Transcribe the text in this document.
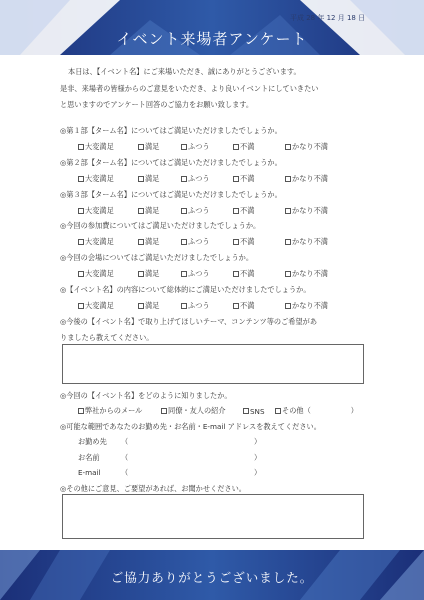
平成 28 年 12 月 18 日
イベント来場者アンケート
本日は、【イベント名】にご来場いただき、誠にありがとうございます。
是非、来場者の皆様からのご意見をいただき、より良いイベントにしていきたい
と思いますのでアンケート回答のご協力をお願い致します。
◎第１部【ターム名】についてはご満足いただけましたでしょうか。
大変満足	満足	ふつう	不満	かなり不満
◎第２部【ターム名】についてはご満足いただけましたでしょうか。
大変満足	満足	ふつう	不満	かなり不満
◎第３部【ターム名】についてはご満足いただけましたでしょうか。
大変満足	満足	ふつう	不満	かなり不満
◎今回の参加費についてはご満足いただけましたでしょうか。
大変満足	満足	ふつう	不満	かなり不満
◎今回の会場についてはご満足いただけましたでしょうか。
大変満足	満足	ふつう	不満	かなり不満
◎【イベント名】の内容について総体的にご満足いただけましたでしょうか。
大変満足	満足	ふつう	不満	かなり不満
◎今後の【イベント名】で取り上げてほしいテーマ、コンテンツ等のご希望があ
りましたら教えてください。
◎今回の【イベント名】をどのように知りましたか。
弊社からのメール	同僚・友人の紹介	SNS その他（	）
◎可能な範囲であなたのお勤め先・お名前・E-mail アドレスを教えてください。
お勤め先 （	）
お名前	（	）
E-mail	（	）
◎その他にご意見、ご要望があれば、お聞かせください。
ご協力ありがとうございました。
